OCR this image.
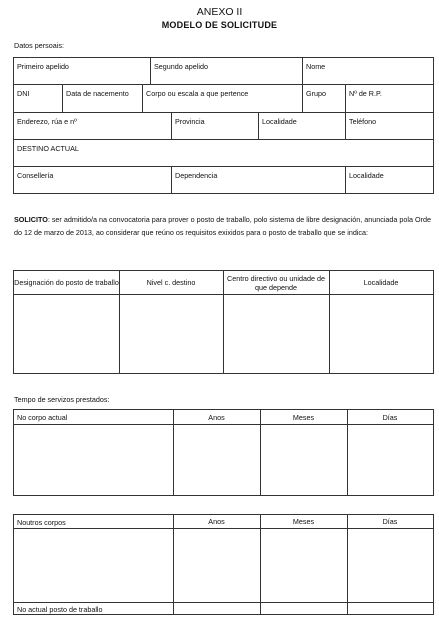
ANEXO II
MODELO DE SOLICITUDE
Datos persoais:
Primeiro apelido	Segundo apelido	Nome
DNI	Data de nacemento	Corpo ou escala a que pertence	Grupo	Nº de R.P.
Enderezo, rúa e nº	Provincia	Localidade	Teléfono
DESTINO ACTUAL
Consellería	Dependencia	Localidade
SOLICITO: ser admitido/a na convocatoria para prover o posto de traballo, polo sistema de libre designación, anunciada pola Orde do 12 de marzo de 2013, ao considerar que reúno os requisitos exixidos para o posto de traballo que se indica:
Designación do posto de traballo	Nivel c. destino	Centro directivo ou unidade de que depende	Localidade
Tempo de servizos prestados:
No corpo actual	Anos	Meses	Días
Noutros corpos	Anos	Meses	Días
No actual posto de traballo
